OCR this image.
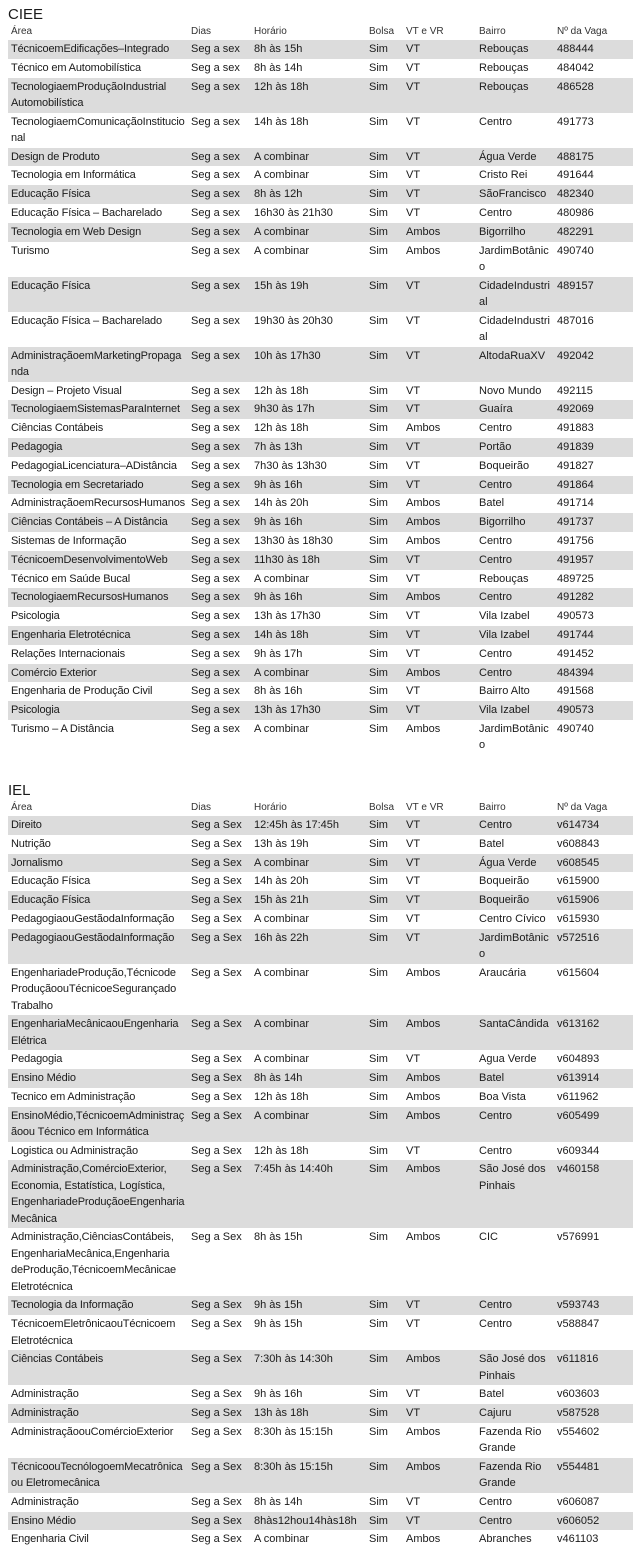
CIEE
Área	Dias	Horário	Bolsa	VT e VR	Bairro	Nº da Vaga
TécnicoemEdificações–Integrado	Seg a sex	8h às 15h	Sim	VT	Rebouças	488444
Técnico em Automobilística	Seg a sex	8h às 14h	Sim	VT	Rebouças	484042
TecnologiaemProduçãoIndustrial Automobilística	Seg a sex	12h às 18h	Sim	VT	Rebouças	486528
TecnologiaemComunicaçãoInstitucional	Seg a sex	14h às 18h	Sim	VT	Centro	491773
Design de Produto	Seg a sex	A combinar	Sim	VT	Água Verde	488175
Tecnologia em Informática	Seg a sex	A combinar	Sim	VT	Cristo Rei	491644
Educação Física	Seg a sex	8h às 12h	Sim	VT	SãoFrancisco	482340
Educação Física – Bacharelado	Seg a sex	16h30 às 21h30	Sim	VT	Centro	480986
Tecnologia em Web Design	Seg a sex	A combinar	Sim	Ambos	Bigorrilho	482291
Turismo	Seg a sex	A combinar	Sim	Ambos	JardimBotânico	490740
Educação Física	Seg a sex	15h às 19h	Sim	VT	CidadeIndustrial	489157
Educação Física – Bacharelado	Seg a sex	19h30 às 20h30	Sim	VT	CidadeIndustrial	487016
AdministraçãoemMarketingPropaganda	Seg a sex	10h às 17h30	Sim	VT	AltodaRuaXV	492042
Design – Projeto Visual	Seg a sex	12h às 18h	Sim	VT	Novo Mundo	492115
TecnologiaemSistemasParaInternet	Seg a sex	9h30 às 17h	Sim	VT	Guaíra	492069
Ciências Contábeis	Seg a sex	12h às 18h	Sim	Ambos	Centro	491883
Pedagogia	Seg a sex	7h às 13h	Sim	VT	Portão	491839
PedagogiaLicenciatura–ADistância	Seg a sex	7h30 às 13h30	Sim	VT	Boqueirão	491827
Tecnologia em Secretariado	Seg a sex	9h às 16h	Sim	VT	Centro	491864
AdministraçãoemRecursosHumanos	Seg a sex	14h às 20h	Sim	Ambos	Batel	491714
Ciências Contábeis – A Distância	Seg a sex	9h às 16h	Sim	Ambos	Bigorrilho	491737
Sistemas de Informação	Seg a sex	13h30 às 18h30	Sim	Ambos	Centro	491756
TécnicoemDesenvolvimentoWeb	Seg a sex	11h30 às 18h	Sim	VT	Centro	491957
Técnico em Saúde Bucal	Seg a sex	A combinar	Sim	VT	Rebouças	489725
TecnologiaemRecursosHumanos	Seg a sex	9h às 16h	Sim	Ambos	Centro	491282
Psicologia	Seg a sex	13h às 17h30	Sim	VT	Vila Izabel	490573
Engenharia Eletrotécnica	Seg a sex	14h às 18h	Sim	VT	Vila Izabel	491744
Relações Internacionais	Seg a sex	9h às 17h	Sim	VT	Centro	491452
Comércio Exterior	Seg a sex	A combinar	Sim	Ambos	Centro	484394
Engenharia de Produção Civil	Seg a sex	8h às 16h	Sim	VT	Bairro Alto	491568
Psicologia	Seg a sex	13h às 17h30	Sim	VT	Vila Izabel	490573
Turismo – A Distância	Seg a sex	A combinar	Sim	Ambos	JardimBotânico	490740
IEL
Área	Dias	Horário	Bolsa	VT e VR	Bairro	Nº da Vaga
Direito	Seg a Sex	12:45h às 17:45h	Sim	VT	Centro	v614734
Nutrição	Seg a Sex	13h às 19h	Sim	VT	Batel	v608843
Jornalismo	Seg a Sex	A combinar	Sim	VT	Água Verde	v608545
Educação Física	Seg a Sex	14h às 20h	Sim	VT	Boqueirão	v615900
Educação Física	Seg a Sex	15h às 21h	Sim	VT	Boqueirão	v615906
PedagogiaouGestãodaInformação	Seg a Sex	A combinar	Sim	VT	Centro Cívico	v615930
PedagogiaouGestãodaInformação	Seg a Sex	16h às 22h	Sim	VT	JardimBotânico	v572516
EngenhariadeProdução,Técnicode ProduçãoouTécnicoeSegurançado Trabalho	Seg a Sex	A combinar	Sim	Ambos	Araucária	v615604
EngenhariaMecânicaouEngenharia Elétrica	Seg a Sex	A combinar	Sim	Ambos	SantaCândida	v613162
Pedagogia	Seg a Sex	A combinar	Sim	VT	Agua Verde	v604893
Ensino Médio	Seg a Sex	8h às 14h	Sim	Ambos	Batel	v613914
Tecnico em Administração	Seg a Sex	12h às 18h	Sim	Ambos	Boa Vista	v611962
EnsinoMédio,TécnicoemAdministraçãoou Técnico em Informática	Seg a Sex	A combinar	Sim	Ambos	Centro	v605499
Logistica ou Administração	Seg a Sex	12h às 18h	Sim	VT	Centro	v609344
Administração,ComércioExterior, Economia, Estatística, Logística, EngenhariadeProduçãoeEngenharia Mecânica	Seg a Sex	7:45h às 14:40h	Sim	Ambos	São José dos Pinhais	v460158
Administração,CiênciasContábeis, EngenhariaMecânica,Engenharia deProdução,TécnicoemMecânicae Eletrotécnica	Seg a Sex	8h às 15h	Sim	Ambos	CIC	v576991
Tecnologia da Informação	Seg a Sex	9h às 15h	Sim	VT	Centro	v593743
TécnicoemEletrônicaouTécnicoem Eletrotécnica	Seg a Sex	9h às 15h	Sim	VT	Centro	v588847
Ciências Contábeis	Seg a Sex	7:30h às 14:30h	Sim	Ambos	São José dos Pinhais	v611816
Administração	Seg a Sex	9h às 16h	Sim	VT	Batel	v603603
Administração	Seg a Sex	13h às 18h	Sim	VT	Cajuru	v587528
AdministraçãoouComércioExterior	Seg a Sex	8:30h às 15:15h	Sim	Ambos	Fazenda Rio Grande	v554602
TécnicoouTecnólogoemMecatrônicaou Eletromecânica	Seg a Sex	8:30h às 15:15h	Sim	Ambos	Fazenda Rio Grande	v554481
Administração	Seg a Sex	8h às 14h	Sim	VT	Centro	v606087
Ensino Médio	Seg a Sex	8hàs12hou14hàs18h	Sim	VT	Centro	v606052
Engenharia Civil	Seg a Sex	A combinar	Sim	Ambos	Abranches	v461103
